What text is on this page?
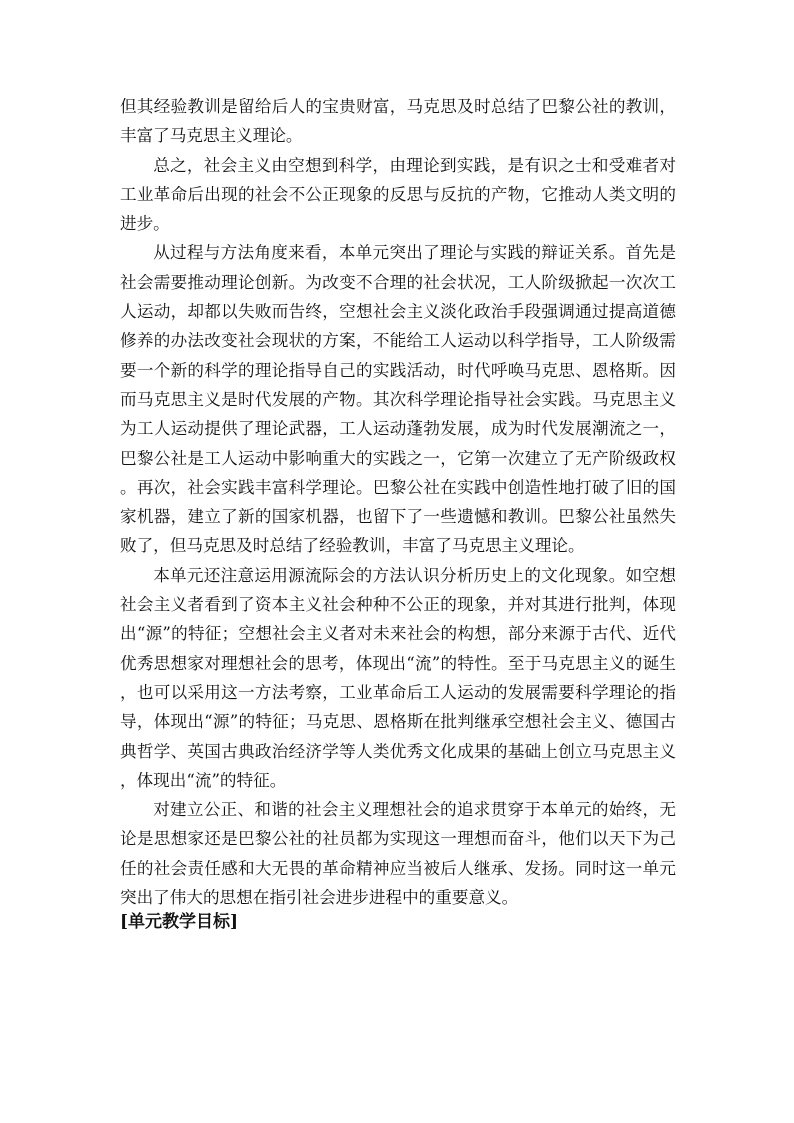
但其经验教训是留给后人的宝贵财富，马克思及时总结了巴黎公社的教训，丰富了马克思主义理论。

总之，社会主义由空想到科学，由理论到实践，是有识之士和受难者对工业革命后出现的社会不公正现象的反思与反抗的产物，它推动人类文明的进步。

从过程与方法角度来看，本单元突出了理论与实践的辩证关系。首先是社会需要推动理论创新。为改变不合理的社会状况，工人阶级掀起一次次工人运动，却都以失败而告终，空想社会主义淡化政治手段强调通过提高道德修养的办法改变社会现状的方案，不能给工人运动以科学指导，工人阶级需要一个新的科学的理论指导自己的实践活动，时代呼唤马克思、恩格斯。因而马克思主义是时代发展的产物。其次科学理论指导社会实践。马克思主义为工人运动提供了理论武器，工人运动蓬勃发展，成为时代发展潮流之一，巴黎公社是工人运动中影响重大的实践之一，它第一次建立了无产阶级政权。再次，社会实践丰富科学理论。巴黎公社在实践中创造性地打破了旧的国家机器，建立了新的国家机器，也留下了一些遗憾和教训。巴黎公社虽然失败了，但马克思及时总结了经验教训，丰富了马克思主义理论。

本单元还注意运用源流际会的方法认识分析历史上的文化现象。如空想社会主义者看到了资本主义社会种种不公正的现象，并对其进行批判，体现出“源”的特征；空想社会主义者对未来社会的构想，部分来源于古代、近代优秀思想家对理想社会的思考，体现出“流”的特性。至于马克思主义的诞生，也可以采用这一方法考察，工业革命后工人运动的发展需要科学理论的指导，体现出“源”的特征；马克思、恩格斯在批判继承空想社会主义、德国古典哲学、英国古典政治经济学等人类优秀文化成果的基础上创立马克思主义，体现出“流”的特征。

对建立公正、和谐的社会主义理想社会的追求贯穿于本单元的始终，无论是思想家还是巴黎公社的社员都为实现这一理想而奋斗，他们以天下为己任的社会责任感和大无畏的革命精神应当被后人继承、发扬。同时这一单元突出了伟大的思想在指引社会进步进程中的重要意义。

[单元教学目标]
